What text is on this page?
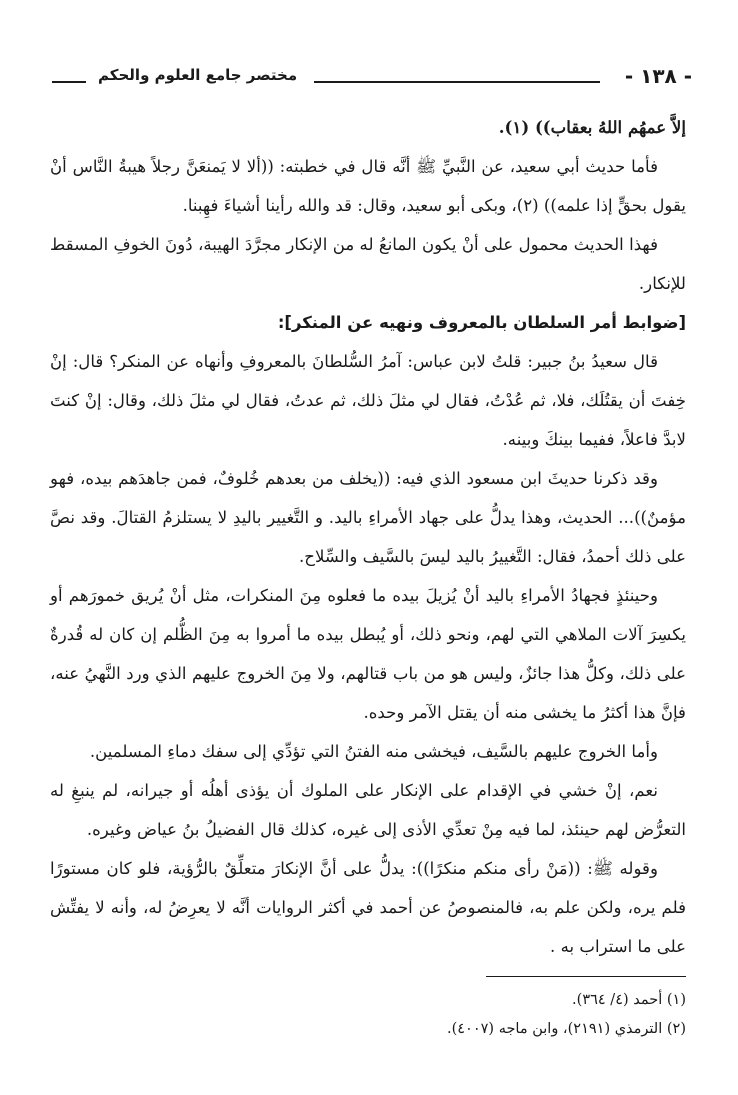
- ١٣٨ -
مختصر جامع العلوم والحكم

إلاَّ عمهُم اللهُ بعقاب)) (١).

فأما حديث أبي سعيد، عن النَّبيِّ ﷺ أنَّه قال في خطبته: ((ألا لا يَمنعَنَّ رجلاً هيبةُ النَّاس أنْ يقول بحقٍّ إذا علمه)) (٢)، وبكى أبو سعيد، وقال: قد والله رأينا أشياءَ فهِبنا.

فهذا الحديث محمول على أنْ يكون المانعُ له من الإنكار مجرَّدَ الهيبة، دُونَ الخوفِ المسقط للإنكار.

[ضوابط أمر السلطان بالمعروف ونهيه عن المنكر]:

قال سعيدُ بنُ جبير: قلتُ لابن عباس: آمرُ السُّلطانَ بالمعروفِ وأنهاه عن المنكر؟ قال: إنْ خِفتَ أن يقتُلَك، فلا، ثم عُدْتُ، فقال لي مثلَ ذلك، ثم عدتُ، فقال لي مثلَ ذلك، وقال: إنْ كنتَ لابدَّ فاعلاً، ففيما بينكَ وبينه.

وقد ذكرنا حديثَ ابن مسعود الذي فيه: ((يخلف من بعدهم خُلوفٌ، فمن جاهدَهم بيده، فهو مؤمنٌ))... الحديث، وهذا يدلُّ على جهاد الأمراءِ باليد. و التَّغيير باليدِ لا يستلزمُ القتالَ. وقد نصَّ على ذلك أحمدُ، فقال: التَّغييرُ باليد ليسَ بالسَّيف والسِّلاح.

وحينئذٍ فجهادُ الأمراءِ باليد أنْ يُزيلَ بيده ما فعلوه مِنَ المنكرات، مثل أنْ يُريق خمورَهم أو يكسِرَ آلات الملاهي التي لهم، ونحو ذلك، أو يُبطل بيده ما أمروا به مِنَ الظُّلم إن كان له قُدرةٌ على ذلك، وكلُّ هذا جائزٌ، وليس هو من باب قتالهم، ولا مِنَ الخروج عليهم الذي ورد النَّهيُ عنه، فإنَّ هذا أكثرُ ما يخشى منه أن يقتل الآمر وحده.

وأما الخروج عليهم بالسَّيف، فيخشى منه الفتنُ التي تؤدِّي إلى سفك دماءِ المسلمين.

نعم، إنْ خشي في الإقدام على الإنكار على الملوك أن يؤذى أهلُه أو جيرانه، لم ينبغِ له التعرُّض لهم حينئذ، لما فيه مِنْ تعدِّي الأذى إلى غيره، كذلك قال الفضيلُ بنُ عياض وغيره.

وقوله ﷺ: ((مَنْ رأى منكم منكرًا)): يدلُّ على أنَّ الإنكارَ متعلِّقٌ بالرُّؤية، فلو كان مستورًا فلم يره، ولكن علم به، فالمنصوصُ عن أحمد في أكثر الروايات أنَّه لا يعرِضُ له، وأنه لا يفتِّش على ما استراب به .

(١) أحمد (٤/ ٣٦٤).

(٢) الترمذي (٢١٩١)، وابن ماجه (٤٠٠٧).
